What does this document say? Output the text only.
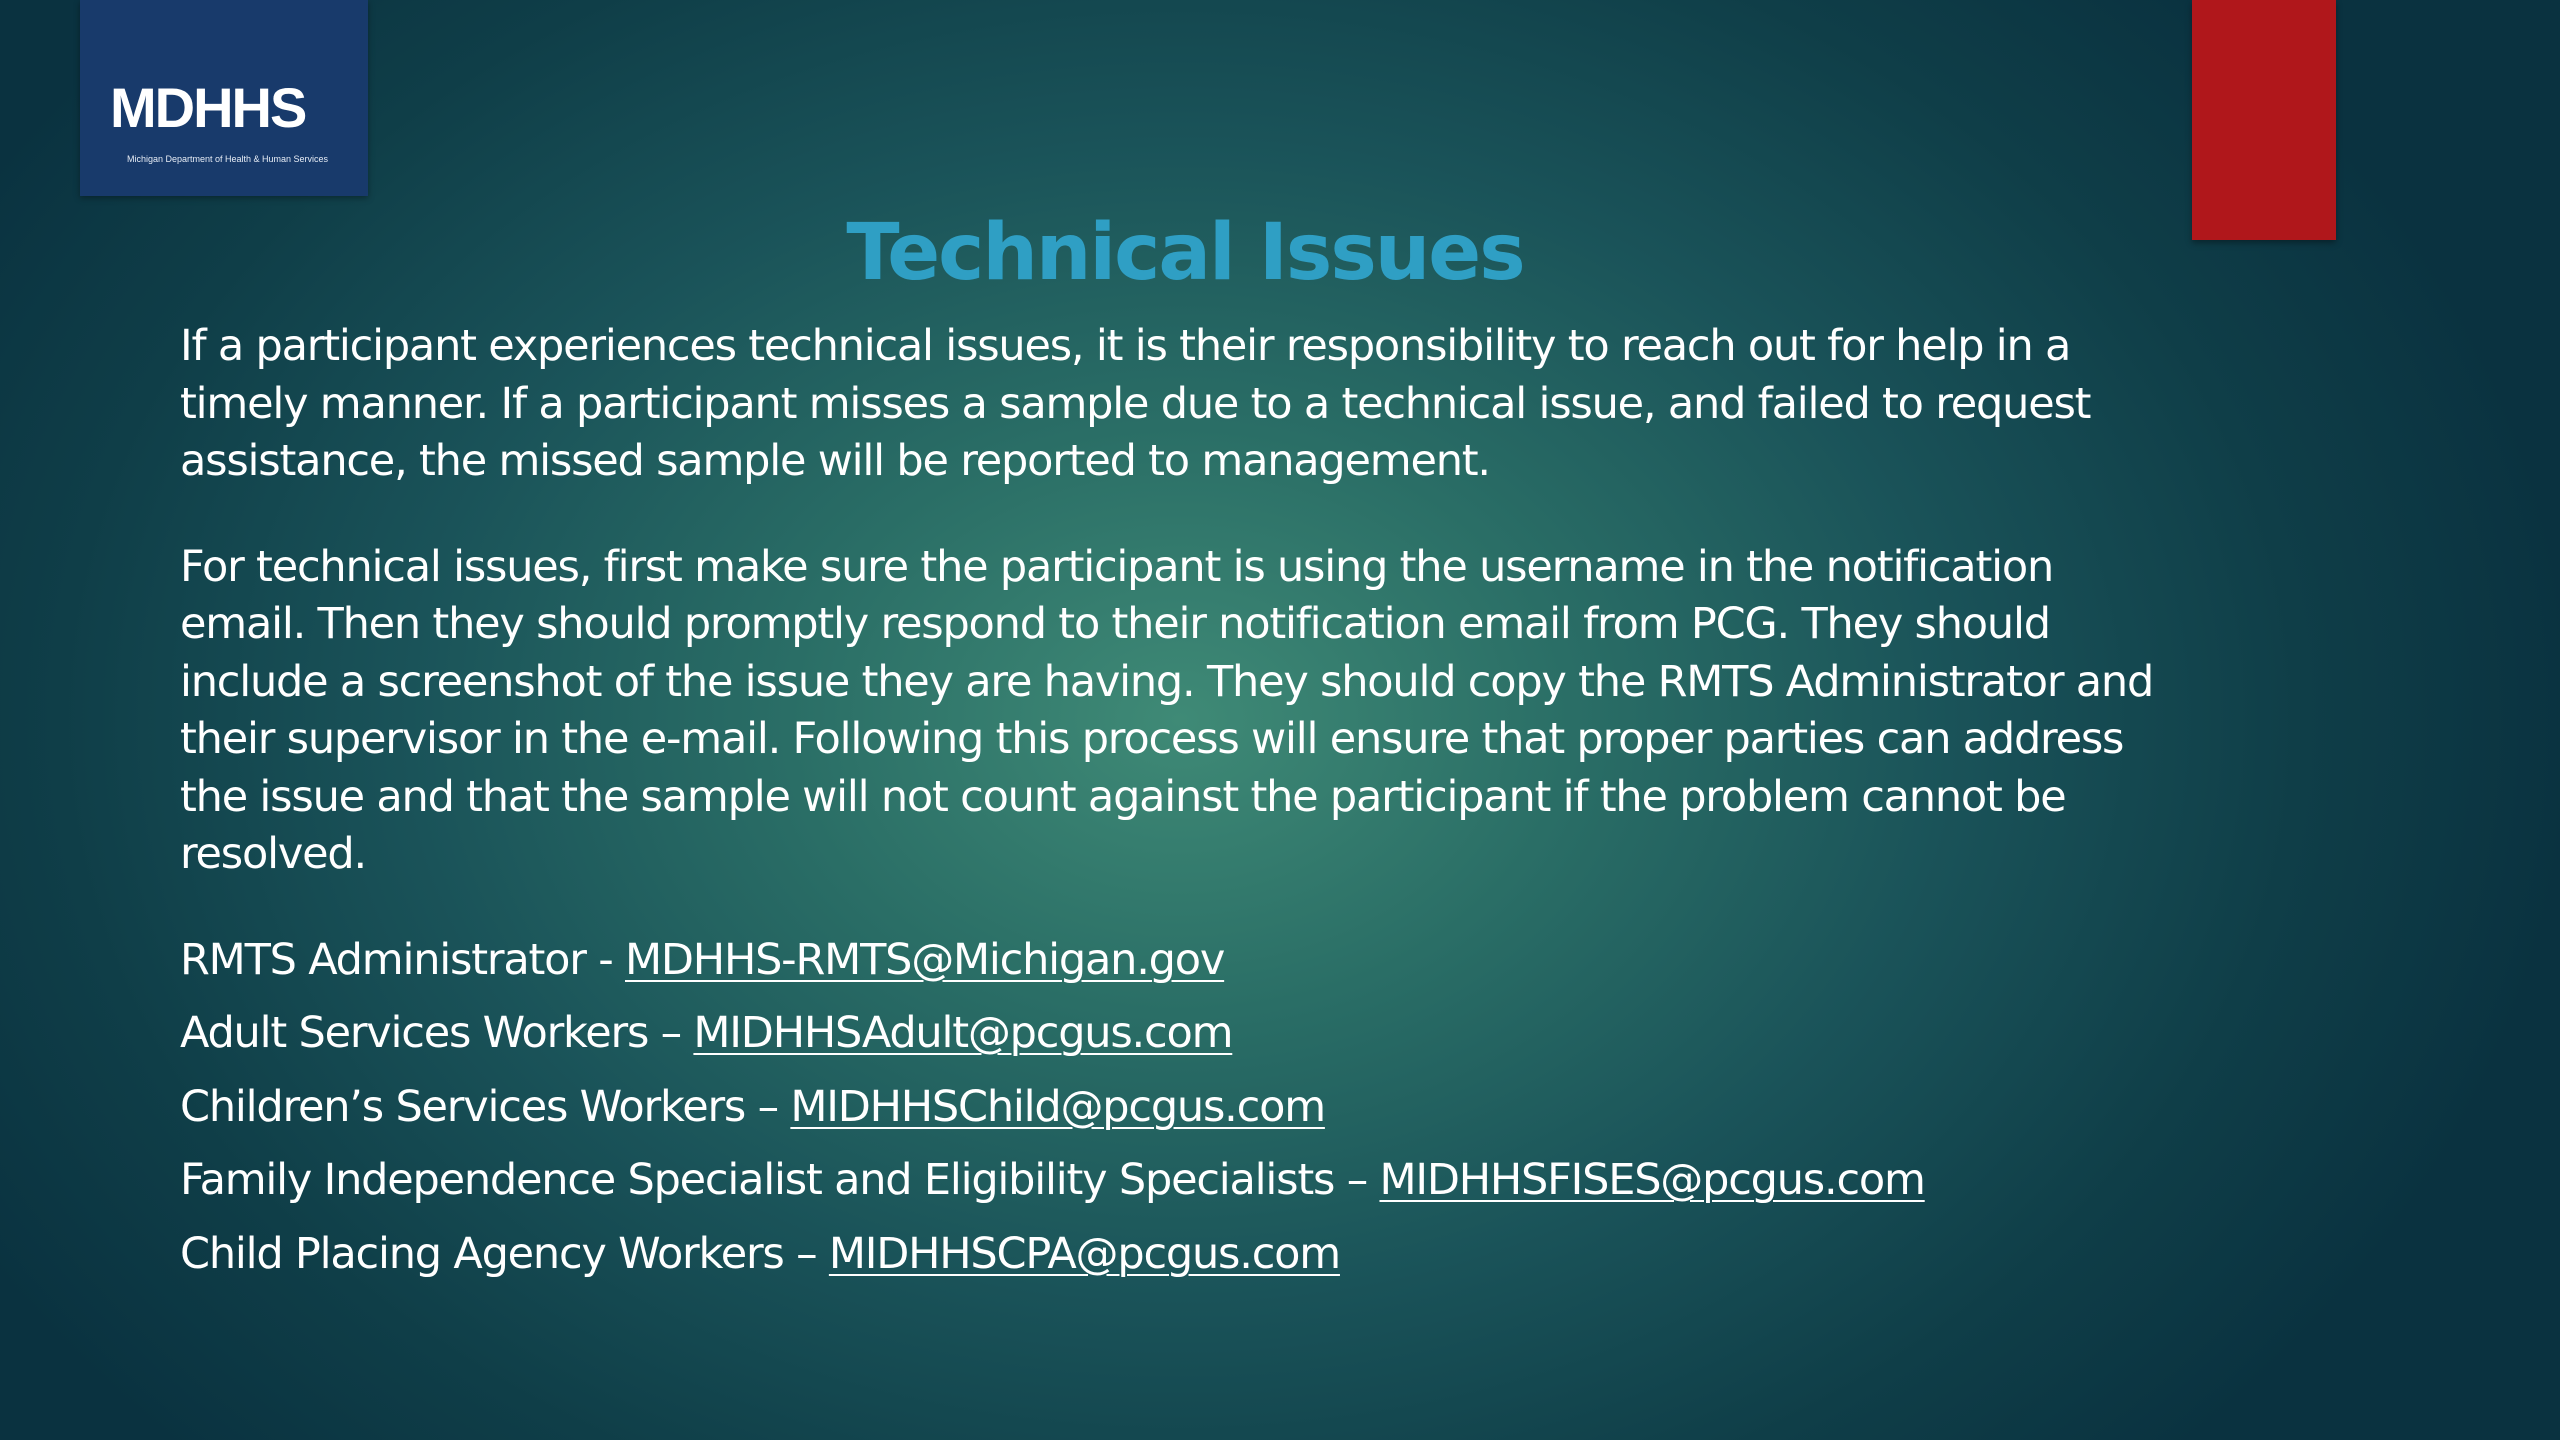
MDHHS
Michigan Department of Health & Human Services
Technical Issues

If a participant experiences technical issues, it is their responsibility to reach out for help in a timely manner. If a participant misses a sample due to a technical issue, and failed to request assistance, the missed sample will be reported to management.

For technical issues, first make sure the participant is using the username in the notification email. Then they should promptly respond to their notification email from PCG. They should include a screenshot of the issue they are having. They should copy the RMTS Administrator and their supervisor in the e-mail. Following this process will ensure that proper parties can address the issue and that the sample will not count against the participant if the problem cannot be resolved.

RMTS Administrator - MDHHS-RMTS@Michigan.gov
Adult Services Workers – MIDHHSAdult@pcgus.com
Children’s Services Workers – MIDHHSChild@pcgus.com
Family Independence Specialist and Eligibility Specialists – MIDHHSFISES@pcgus.com
Child Placing Agency Workers – MIDHHSCPA@pcgus.com
